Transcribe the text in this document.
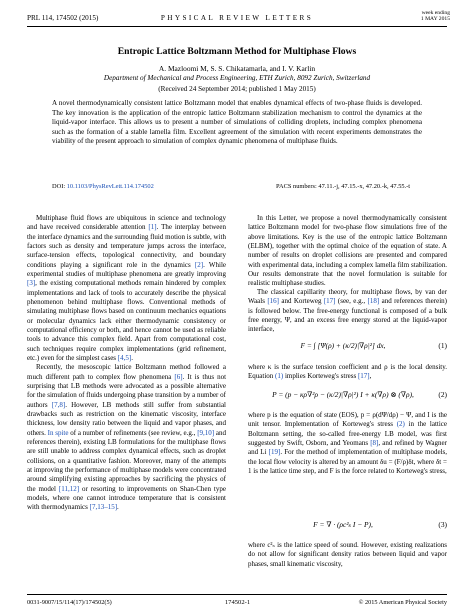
PRL 114, 174502 (2015)	PHYSICAL REVIEW LETTERS
week ending
1 MAY 2015
Entropic Lattice Boltzmann Method for Multiphase Flows
A. Mazloomi M, S. S. Chikatamarla, and I. V. Karlin
Department of Mechanical and Process Engineering, ETH Zurich, 8092 Zurich, Switzerland
(Received 24 September 2014; published 1 May 2015)
A novel thermodynamically consistent lattice Boltzmann model that enables dynamical effects of two-phase fluids is developed. The key innovation is the application of the entropic lattice Boltzmann stabilization mechanism to control the dynamics at the liquid-vapor interface. This allows us to present a number of simulations of colliding droplets, including complex phenomena such as the formation of a stable lamella film. Excellent agreement of the simulation with recent experiments demonstrates the viability of the present approach to simulation of complex dynamic phenomena of multiphase fluids.
DOI: 10.1103/PhysRevLett.114.174502	PACS numbers: 47.11.-j, 47.15.-x, 47.20.-k, 47.55.-t

Multiphase fluid flows are ubiquitous in science and technology and have received considerable attention [1]. The interplay between the interface dynamics and the surrounding fluid motion is subtle, with factors such as density and temperature jumps across the interface, surface-tension effects, topological connectivity, and boundary conditions playing a significant role in the dynamics [2]. While experimental studies of multiphase phenomena are greatly improving [3], the existing computational methods remain hindered by complex implementations and lack of tools to accurately describe the physical phenomenon behind multiphase flows. Conventional methods of simulating multiphase flows based on continuum mechanics equations or molecular dynamics lack either thermodynamic consistency or computational efficiency or both, and hence cannot be used as reliable tools to advance this complex field. Apart from computational cost, such techniques require complex implementations (grid refinement, etc.) even for the simplest cases [4,5].

Recently, the mesoscopic lattice Boltzmann method followed a much different path to complex flow phenomena [6]. It is thus not surprising that LB methods were advocated as a possible alternative for the simulation of fluids undergoing phase transition by a number of authors [7,8]. However, LB methods still suffer from substantial drawbacks such as restriction on the kinematic viscosity, interface thickness, low density ratio between the liquid and vapor phases, and others. In spite of a number of refinements (see review, e.g., [9,10] and references therein), existing LB formulations for the multiphase flows are still unable to address complex dynamical effects, such as droplet collisions, on a quantitative fashion. Moreover, many of the attempts at improving the performance of multiphase models were concentrated around simplifying existing approaches by sacrificing the physics of the model [11,12] or resorting to improvements on Shan-Chen type models, where one cannot introduce temperature that is consistent with thermodynamics [7,13–15].

In this Letter, we propose a novel thermodynamically consistent lattice Boltzmann model for two-phase flow simulations free of the above limitations. Key is the use of the entropic lattice Boltzmann (ELBM), together with the optimal choice of the equation of state. A number of results on droplet collisions are presented and compared with experimental data, including a complex lamella film stabilization. Our results demonstrate that the novel formulation is suitable for realistic multiphase studies.

The classical capillarity theory, for multiphase flows, by van der Waals [16] and Korteweg [17] (see, e.g., [18] and references therein) is followed below. The free-energy functional is composed of a bulk free energy, Ψ, and an excess free energy stored at the liquid-vapor interface,

F = ∫ [Ψ(ρ) + (κ/2)|∇ρ|²] dx,	(1)

where κ is the surface tension coefficient and ρ is the local density. Equation (1) implies Korteweg's stress [17],

P = (p − κρ∇²ρ − (κ/2)|∇ρ|²) I + κ(∇ρ) ⊗ (∇ρ),	(2)

where p is the equation of state (EOS), p = ρ(dΨ/dρ) − Ψ, and I is the unit tensor. Implementation of Korteweg's stress (2) in the lattice Boltzmann setting, the so-called free-energy LB model, was first suggested by Swift, Osborn, and Yeomans [8], and refined by Wagner and Li [19]. For the method of implementation of multiphase models, the local flow velocity is altered by an amount δu = (F/ρ)δt, where δt = 1 is the lattice time step, and F is the force related to Korteweg's stress,

F = ∇ · (ρc²ₛ I − P),	(3)

where c²ₛ is the lattice speed of sound. However, existing realizations do not allow for significant density ratios between liquid and vapor phases, small kinematic viscosity,

0031-9007/15/114(17)/174502(5)	174502-1	© 2015 American Physical Society
